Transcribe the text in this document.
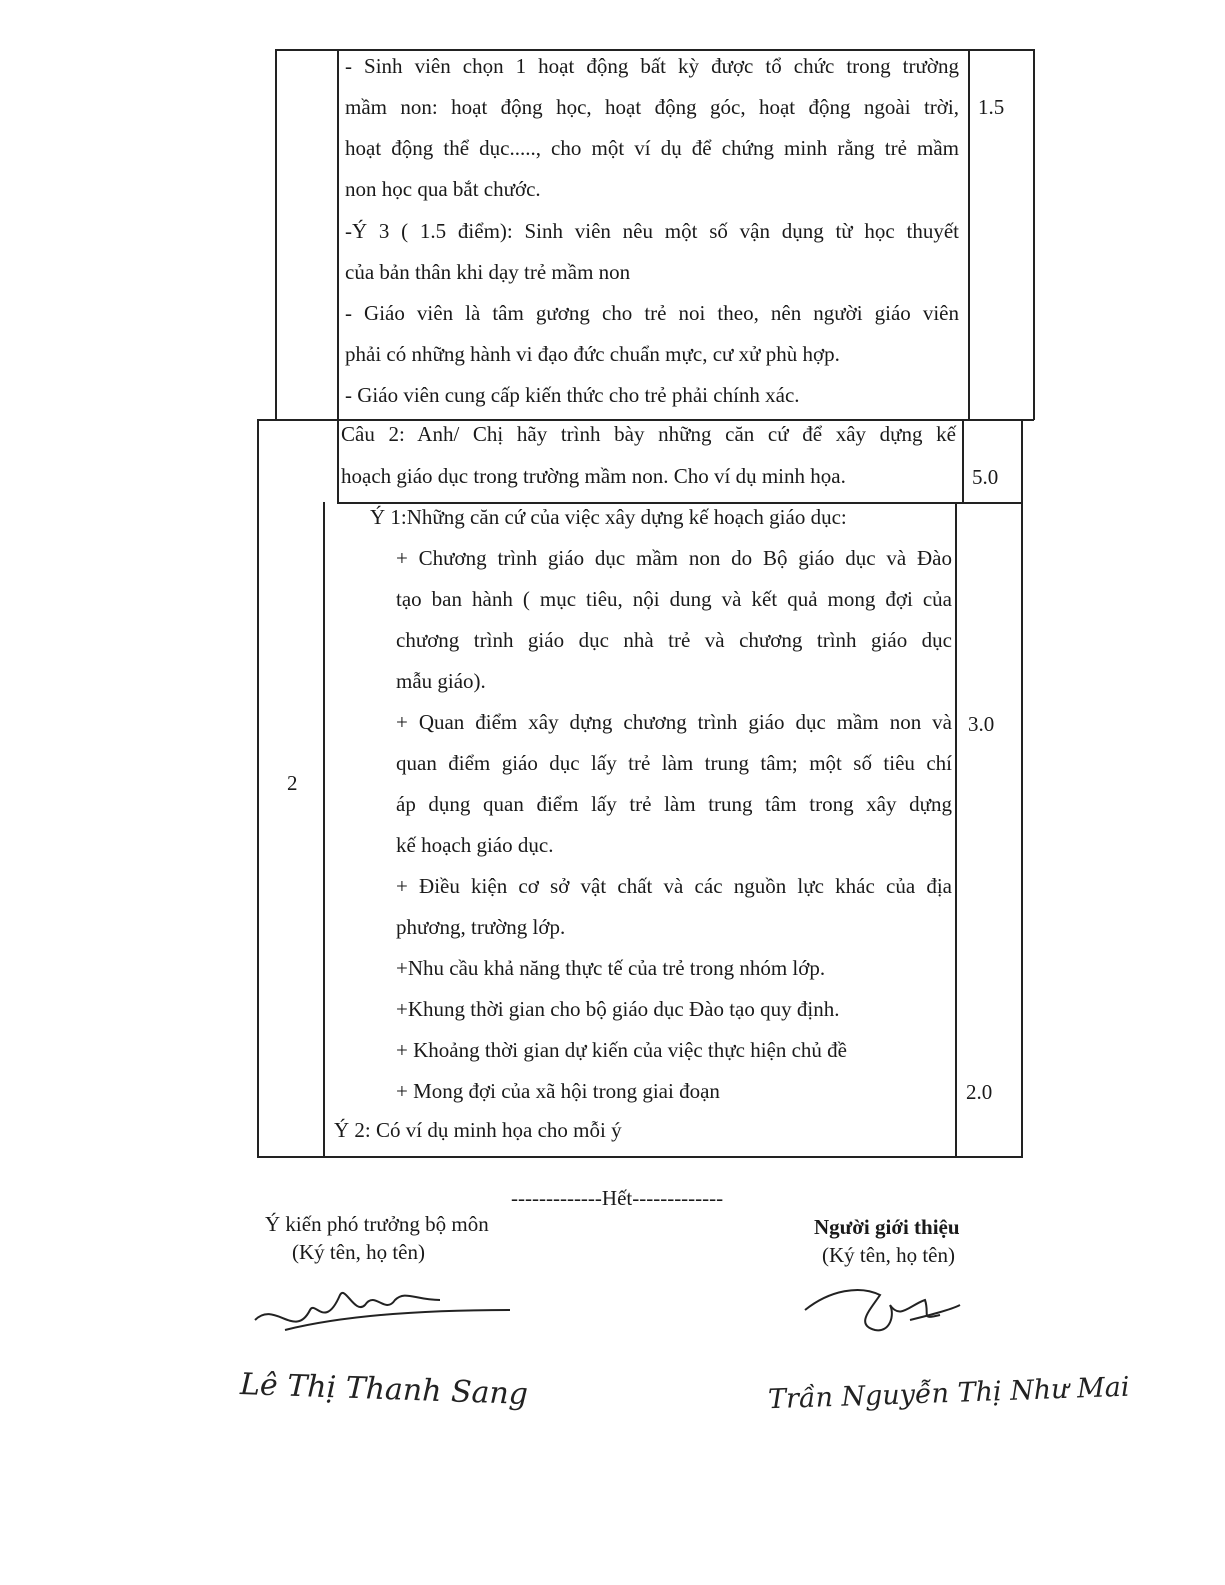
- Sinh viên chọn 1 hoạt động bất kỳ được tổ chức trong trường
mầm non: hoạt động học, hoạt động góc, hoạt động ngoài trời,
hoạt động thể dục....., cho một ví dụ để chứng minh rằng trẻ mầm
non học qua bắt chước.
-Ý 3 ( 1.5 điểm): Sinh viên nêu một số vận dụng từ học thuyết
của bản thân khi dạy trẻ mầm non
- Giáo viên là tâm gương cho trẻ noi theo, nên người giáo viên
phải có những hành vi đạo đức chuẩn mực, cư xử phù hợp.
- Giáo viên cung cấp kiến thức cho trẻ phải chính xác.
1.5
Câu 2: Anh/ Chị hãy trình bày những căn cứ để xây dựng kế
hoạch giáo dục trong trường mầm non. Cho ví dụ minh họa.	5.0
2
Ý 1:Những căn cứ của việc xây dựng kế hoạch giáo dục:
+ Chương trình giáo dục mầm non do Bộ giáo dục và Đào
tạo ban hành ( mục tiêu, nội dung và kết quả mong đợi của
chương trình giáo dục nhà trẻ và chương trình giáo dục
mẫu giáo).
+ Quan điểm xây dựng chương trình giáo dục mầm non và
quan điểm giáo dục lấy trẻ làm trung tâm; một số tiêu chí
áp dụng quan điểm lấy trẻ làm trung tâm trong xây dựng
kế hoạch giáo dục.
+ Điều kiện cơ sở vật chất và các nguồn lực khác của địa
phương, trường lớp.
+Nhu cầu khả năng thực tế của trẻ trong nhóm lớp.
+Khung thời gian cho bộ giáo dục Đào tạo quy định.
+ Khoảng thời gian dự kiến của việc thực hiện chủ đề
+ Mong đợi của xã hội trong giai đoạn
Ý 2: Có ví dụ minh họa cho mỗi ý
3.0
2.0
-------------Hết-------------
Ý kiến phó trưởng bộ môn
(Ký tên, họ tên)
Lê Thị Thanh Sang
Người giới thiệu
(Ký tên, họ tên)
Trần Nguyễn Thị Như Mai
